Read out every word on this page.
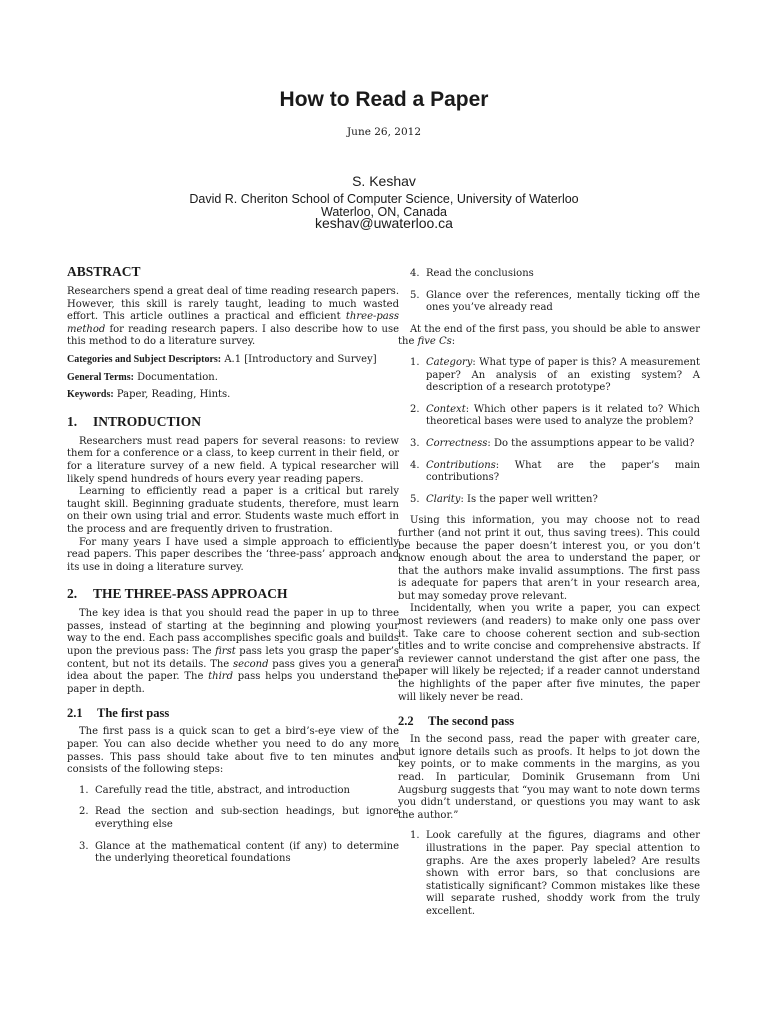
How to Read a Paper
June 26, 2012
S. Keshav
David R. Cheriton School of Computer Science, University of Waterloo
Waterloo, ON, Canada
keshav@uwaterloo.ca
ABSTRACT

Researchers spend a great deal of time reading research papers. However, this skill is rarely taught, leading to much wasted effort. This article outlines a practical and efficient three-pass method for reading research papers. I also describe how to use this method to do a literature survey.

Categories and Subject Descriptors: A.1 [Introductory and Survey]

General Terms: Documentation.

Keywords: Paper, Reading, Hints.

1. INTRODUCTION

Researchers must read papers for several reasons: to review them for a conference or a class, to keep current in their field, or for a literature survey of a new field. A typical researcher will likely spend hundreds of hours every year reading papers.

Learning to efficiently read a paper is a critical but rarely taught skill. Beginning graduate students, therefore, must learn on their own using trial and error. Students waste much effort in the process and are frequently driven to frustration.

For many years I have used a simple approach to efficiently read papers. This paper describes the ‘three-pass’ approach and its use in doing a literature survey.

2. THE THREE-PASS APPROACH

The key idea is that you should read the paper in up to three passes, instead of starting at the beginning and plowing your way to the end. Each pass accomplishes specific goals and builds upon the previous pass: The first pass lets you grasp the paper’s content, but not its details. The second pass gives you a general idea about the paper. The third pass helps you understand the paper in depth.

2.1 The first pass

The first pass is a quick scan to get a bird’s-eye view of the paper. You can also decide whether you need to do any more passes. This pass should take about five to ten minutes and consists of the following steps:

1. Carefully read the title, abstract, and introduction
2. Read the section and sub-section headings, but ignore everything else
3. Glance at the mathematical content (if any) to determine the underlying theoretical foundations
4. Read the conclusions
5. Glance over the references, mentally ticking off the ones you’ve already read

At the end of the first pass, you should be able to answer the five Cs:

1. Category: What type of paper is this? A measurement paper? An analysis of an existing system? A description of a research prototype?
2. Context: Which other papers is it related to? Which theoretical bases were used to analyze the problem?
3. Correctness: Do the assumptions appear to be valid?
4. Contributions: What are the paper’s main contributions?
5. Clarity: Is the paper well written?

Using this information, you may choose not to read further (and not print it out, thus saving trees). This could be because the paper doesn’t interest you, or you don’t know enough about the area to understand the paper, or that the authors make invalid assumptions. The first pass is adequate for papers that aren’t in your research area, but may someday prove relevant.

Incidentally, when you write a paper, you can expect most reviewers (and readers) to make only one pass over it. Take care to choose coherent section and sub-section titles and to write concise and comprehensive abstracts. If a reviewer cannot understand the gist after one pass, the paper will likely be rejected; if a reader cannot understand the highlights of the paper after five minutes, the paper will likely never be read.

2.2 The second pass

In the second pass, read the paper with greater care, but ignore details such as proofs. It helps to jot down the key points, or to make comments in the margins, as you read. In particular, Dominik Grusemann from Uni Augsburg suggests that “you may want to note down terms you didn’t understand, or questions you may want to ask the author.”

1. Look carefully at the figures, diagrams and other illustrations in the paper. Pay special attention to graphs. Are the axes properly labeled? Are results shown with error bars, so that conclusions are statistically significant? Common mistakes like these will separate rushed, shoddy work from the truly excellent.
